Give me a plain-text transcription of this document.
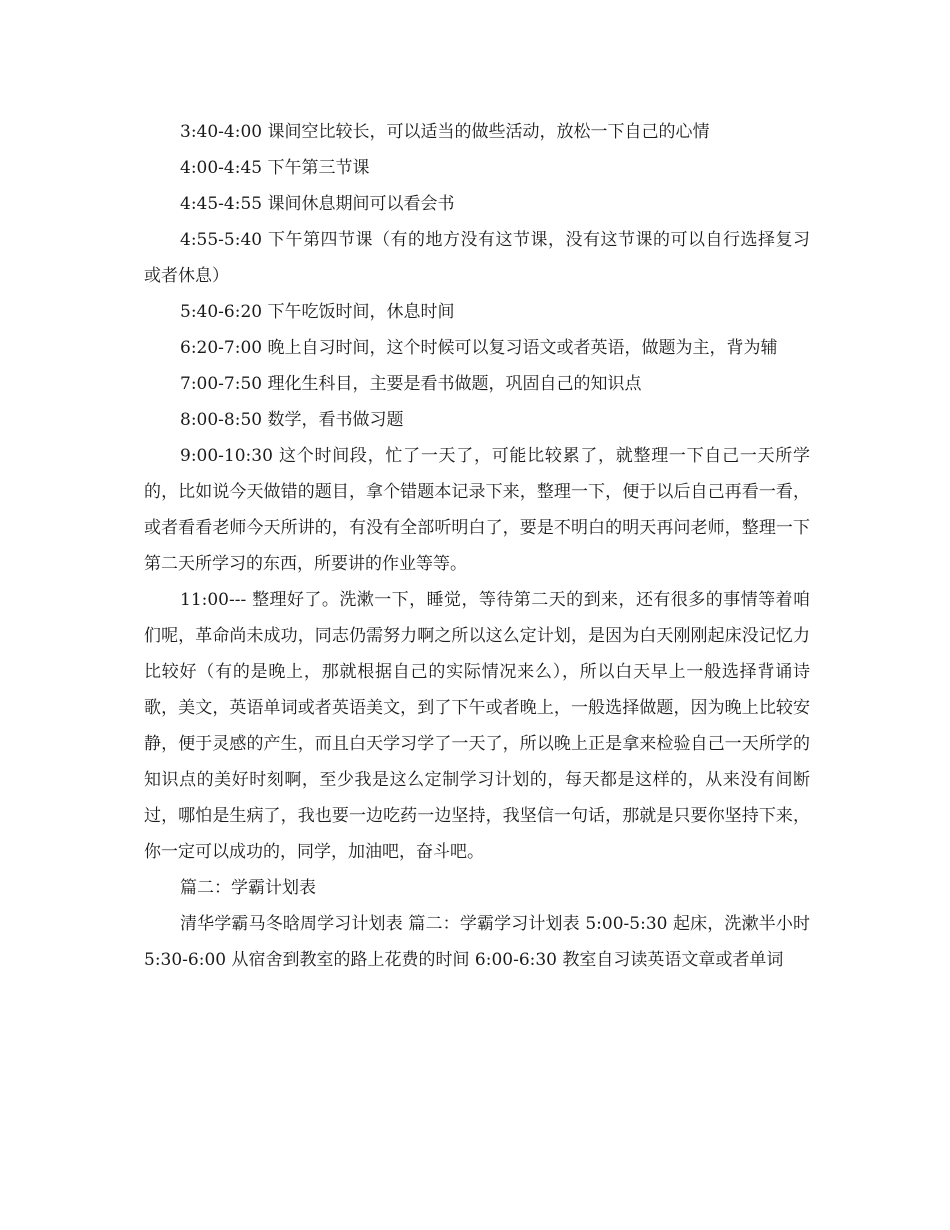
3:40-4:00 课间空比较长，可以适当的做些活动，放松一下自己的心情

4:00-4:45 下午第三节课

4:45-4:55 课间休息期间可以看会书

4:55-5:40 下午第四节课（有的地方没有这节课，没有这节课的可以自行选择复习或者休息）

5:40-6:20 下午吃饭时间，休息时间

6:20-7:00 晚上自习时间，这个时候可以复习语文或者英语，做题为主，背为辅

7:00-7:50 理化生科目，主要是看书做题，巩固自己的知识点

8:00-8:50 数学，看书做习题

9:00-10:30 这个时间段，忙了一天了，可能比较累了，就整理一下自己一天所学的，比如说今天做错的题目，拿个错题本记录下来，整理一下，便于以后自己再看一看，或者看看老师今天所讲的，有没有全部听明白了，要是不明白的明天再问老师，整理一下第二天所学习的东西，所要讲的作业等等。

11:00--- 整理好了。洗漱一下，睡觉，等待第二天的到来，还有很多的事情等着咱们呢，革命尚未成功，同志仍需努力啊之所以这么定计划，是因为白天刚刚起床没记忆力比较好（有的是晚上，那就根据自己的实际情况来么），所以白天早上一般选择背诵诗歌，美文，英语单词或者英语美文，到了下午或者晚上，一般选择做题，因为晚上比较安静，便于灵感的产生，而且白天学习学了一天了，所以晚上正是拿来检验自己一天所学的知识点的美好时刻啊，至少我是这么定制学习计划的，每天都是这样的，从来没有间断过，哪怕是生病了，我也要一边吃药一边坚持，我坚信一句话，那就是只要你坚持下来，你一定可以成功的，同学，加油吧，奋斗吧。

篇二：学霸计划表

清华学霸马冬晗周学习计划表 篇二：学霸学习计划表 5:00-5:30 起床，洗漱半小时 5:30-6:00 从宿舍到教室的路上花费的时间 6:00-6:30 教室自习读英语文章或者单词
